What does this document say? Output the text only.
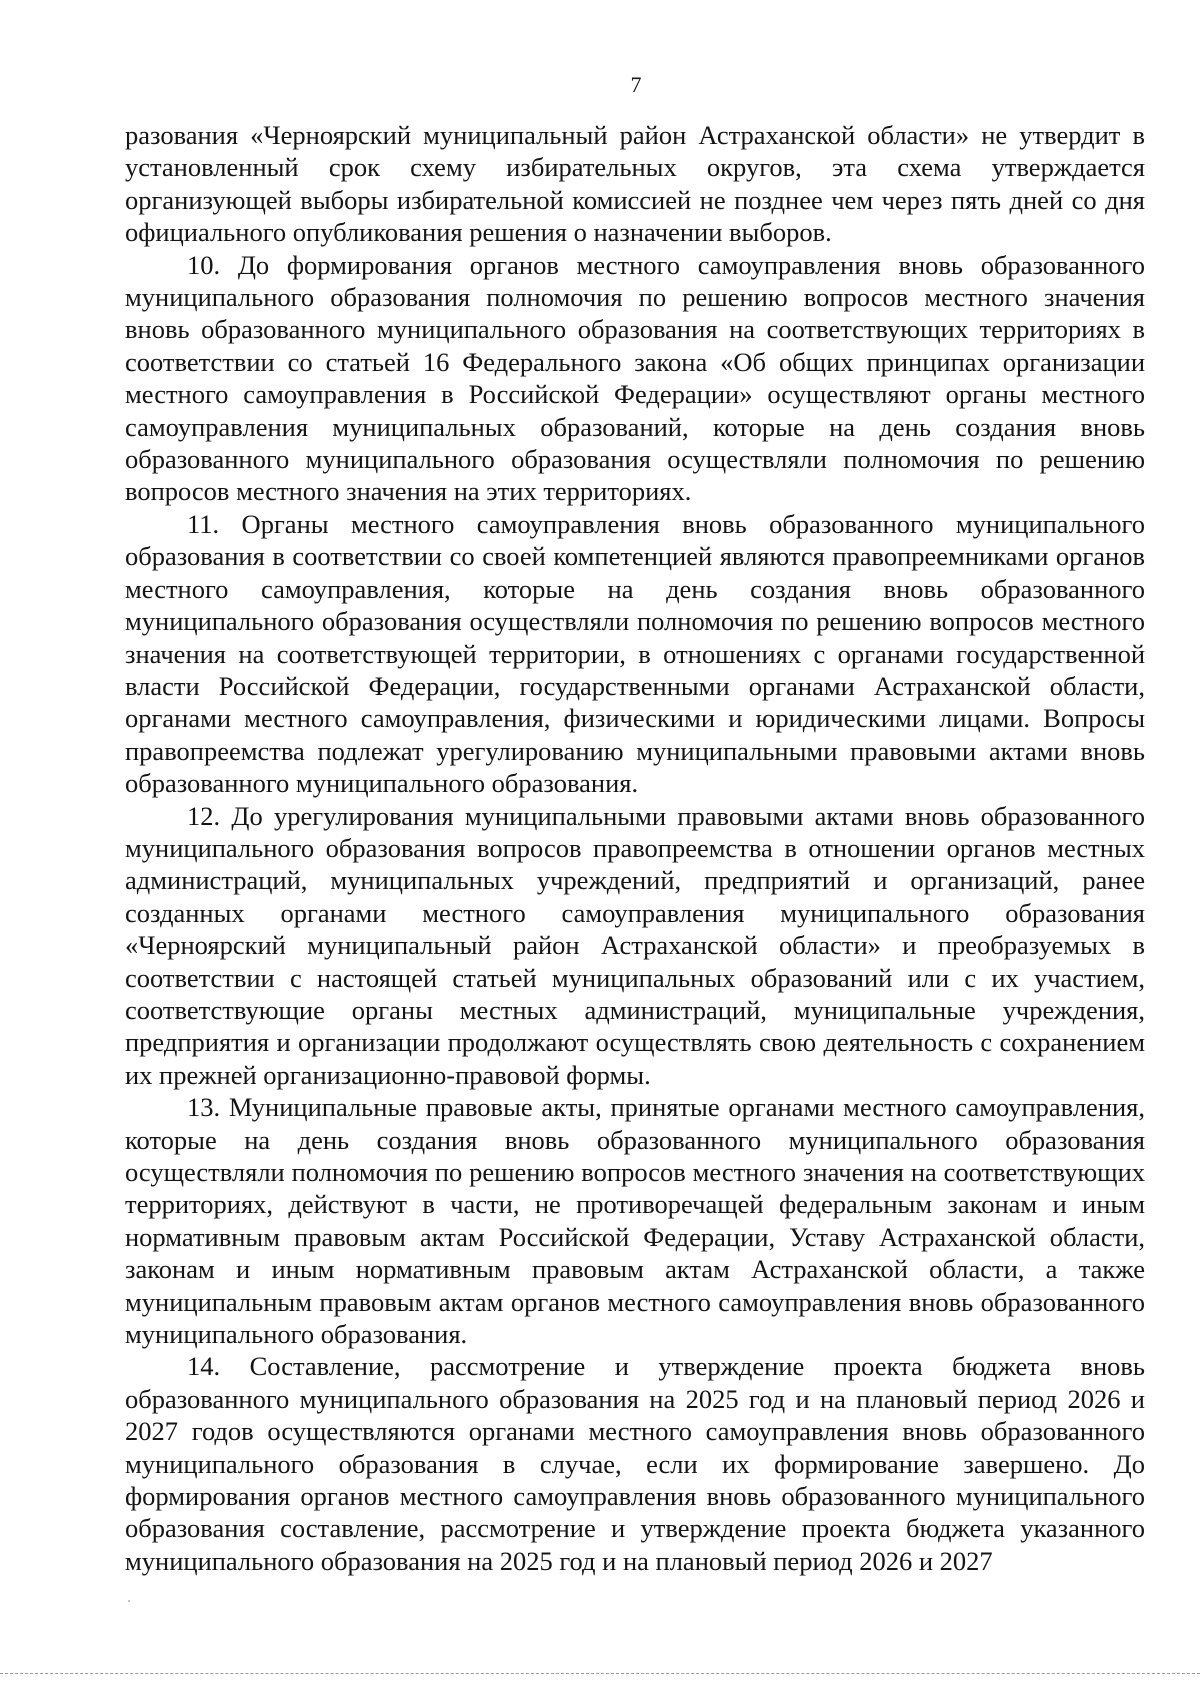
7

разования «Черноярский муниципальный район Астраханской области» не утвердит в установленный срок схему избирательных округов, эта схема утверждается организующей выборы избирательной комиссией не позднее чем через пять дней со дня официального опубликования решения о назначении выборов.

10. До формирования органов местного самоуправления вновь образованного муниципального образования полномочия по решению вопросов местного значения вновь образованного муниципального образования на соответствующих территориях в соответствии со статьей 16 Федерального закона «Об общих принципах организации местного самоуправления в Российской Федерации» осуществляют органы местного самоуправления муниципальных образований, которые на день создания вновь образованного муниципального образования осуществляли полномочия по решению вопросов местного значения на этих территориях.

11. Органы местного самоуправления вновь образованного муниципального образования в соответствии со своей компетенцией являются правопреемниками органов местного самоуправления, которые на день создания вновь образованного муниципального образования осуществляли полномочия по решению вопросов местного значения на соответствующей территории, в отношениях с органами государственной власти Российской Федерации, государственными органами Астраханской области, органами местного самоуправления, физическими и юридическими лицами. Вопросы правопреемства подлежат урегулированию муниципальными правовыми актами вновь образованного муниципального образования.

12. До урегулирования муниципальными правовыми актами вновь образованного муниципального образования вопросов правопреемства в отношении органов местных администраций, муниципальных учреждений, предприятий и организаций, ранее созданных органами местного самоуправления муниципального образования «Черноярский муниципальный район Астраханской области» и преобразуемых в соответствии с настоящей статьей муниципальных образований или с их участием, соответствующие органы местных администраций, муниципальные учреждения, предприятия и организации продолжают осуществлять свою деятельность с сохранением их прежней организационно-правовой формы.

13. Муниципальные правовые акты, принятые органами местного самоуправления, которые на день создания вновь образованного муниципального образования осуществляли полномочия по решению вопросов местного значения на соответствующих территориях, действуют в части, не противоречащей федеральным законам и иным нормативным правовым актам Российской Федерации, Уставу Астраханской области, законам и иным нормативным правовым актам Астраханской области, а также муниципальным правовым актам органов местного самоуправления вновь образованного муниципального образования.

14. Составление, рассмотрение и утверждение проекта бюджета вновь образованного муниципального образования на 2025 год и на плановый период 2026 и 2027 годов осуществляются органами местного самоуправления вновь образованного муниципального образования в случае, если их формирование завершено. До формирования органов местного самоуправления вновь образованного муниципального образования составление, рассмотрение и утверждение проекта бюджета указанного муниципального образования на 2025 год и на плановый период 2026 и 2027
